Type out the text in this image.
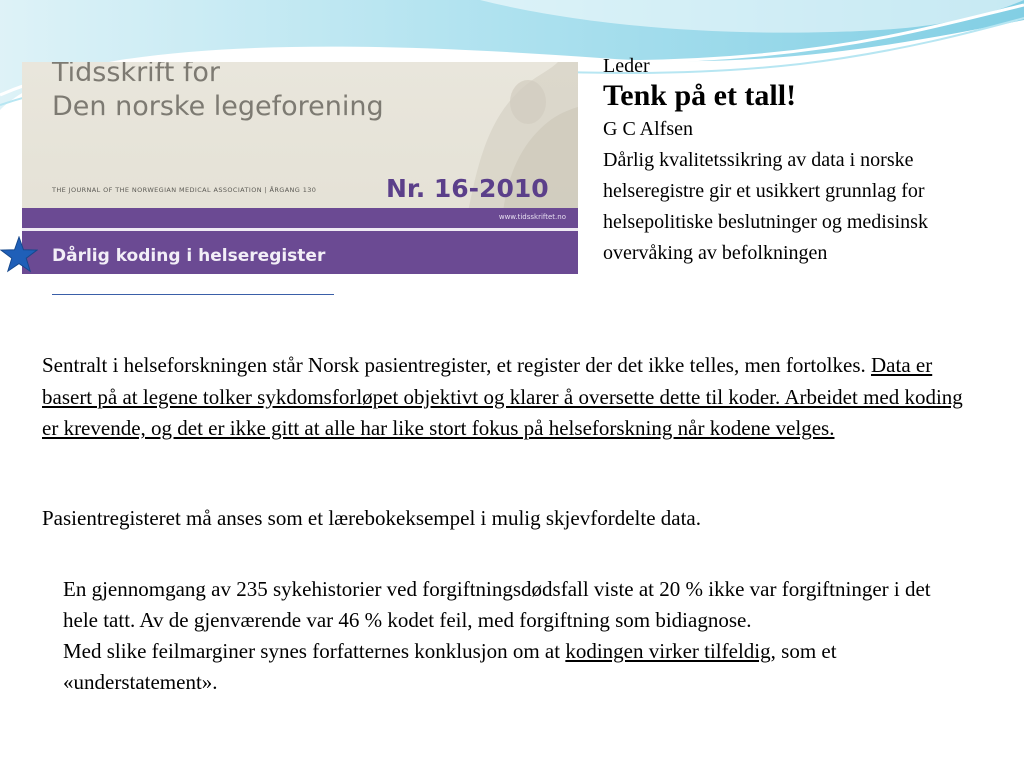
Tidsskrift for
Den norske legeforening
THE JOURNAL OF THE NORWEGIAN MEDICAL ASSOCIATION | ÅRGANG 130	Nr. 16-2010
www.tidsskriftet.no
Dårlig koding i helseregister
Leder
Tenk på et tall!
G C Alfsen
Dårlig kvalitetssikring av data i norske helseregistre gir et usikkert grunnlag for helsepolitiske beslutninger og medisinsk overvåking av befolkningen
Sentralt i helseforskningen står Norsk pasientregister, et register der det ikke telles, men fortolkes. Data er basert på at legene tolker sykdomsforløpet objektivt og klarer å oversette dette til koder. Arbeidet med koding er krevende, og det er ikke gitt at alle har like stort fokus på helseforskning når kodene velges.
Pasientregisteret må anses som et lærebokeksempel i mulig skjevfordelte data.
En gjennomgang av 235 sykehistorier ved forgiftningsdødsfall viste at 20 % ikke var forgiftninger i det hele tatt. Av de gjenværende var 46 % kodet feil, med forgiftning som bidiagnose.
Med slike feilmarginer synes forfatternes konklusjon om at kodingen virker tilfeldig, som et «understatement».
